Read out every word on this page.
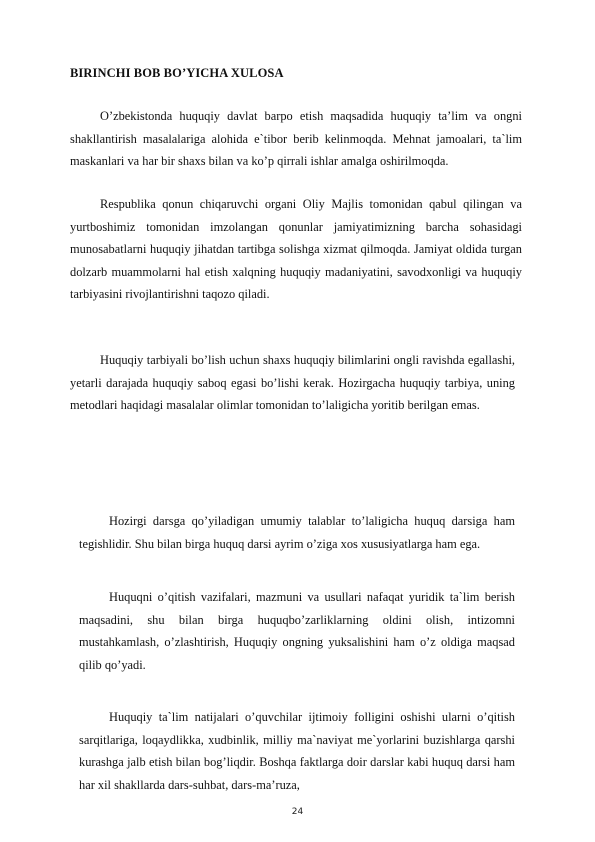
BIRINCHI BOB BO’YICHA XULOSA

O’zbekistonda huquqiy davlat barpo etish maqsadida huquqiy ta’lim va ongni shakllantirish masalalariga alohida e`tibor berib kelinmoqda. Mehnat jamoalari, ta`lim maskanlari va har bir shaxs bilan va ko’p qirrali ishlar amalga oshirilmoqda.

Respublika qonun chiqaruvchi organi Oliy Majlis tomonidan qabul qilingan va yurtboshimiz tomonidan imzolangan qonunlar jamiyatimizning barcha sohasidagi munosabatlarni huquqiy jihatdan tartibga solishga xizmat qilmoqda. Jamiyat oldida turgan dolzarb muammolarni hal etish xalqning huquqiy madaniyatini, savodxonligi va huquqiy tarbiyasini rivojlantirishni taqozo qiladi.

Huquqiy tarbiyali bo’lish uchun shaxs huquqiy bilimlarini ongli ravishda egallashi, yetarli darajada huquqiy saboq egasi bo’lishi kerak. Hozirgacha huquqiy tarbiya, uning metodlari haqidagi masalalar olimlar tomonidan to’laligicha yoritib berilgan emas.

Hozirgi darsga qo’yiladigan umumiy talablar to’laligicha huquq darsiga ham tegishlidir. Shu bilan birga huquq darsi ayrim o’ziga xos xususiyatlarga ham ega.

Huquqni o’qitish vazifalari, mazmuni va usullari nafaqat yuridik ta`lim berish maqsadini, shu bilan birga huquqbo’zarliklarning oldini olish, intizomni mustahkamlash, o’zlashtirish, Huquqiy ongning yuksalishini ham o’z oldiga maqsad qilib qo’yadi.

Huquqiy ta`lim natijalari o’quvchilar ijtimoiy folligini oshishi ularni o’qitish sarqitlariga, loqaydlikka, xudbinlik, milliy ma`naviyat me`yorlarini buzishlarga qarshi kurashga jalb etish bilan bog’liqdir. Boshqa faktlarga doir darslar kabi huquq darsi ham har xil shakllarda dars-suhbat, dars-ma’ruza,

24
